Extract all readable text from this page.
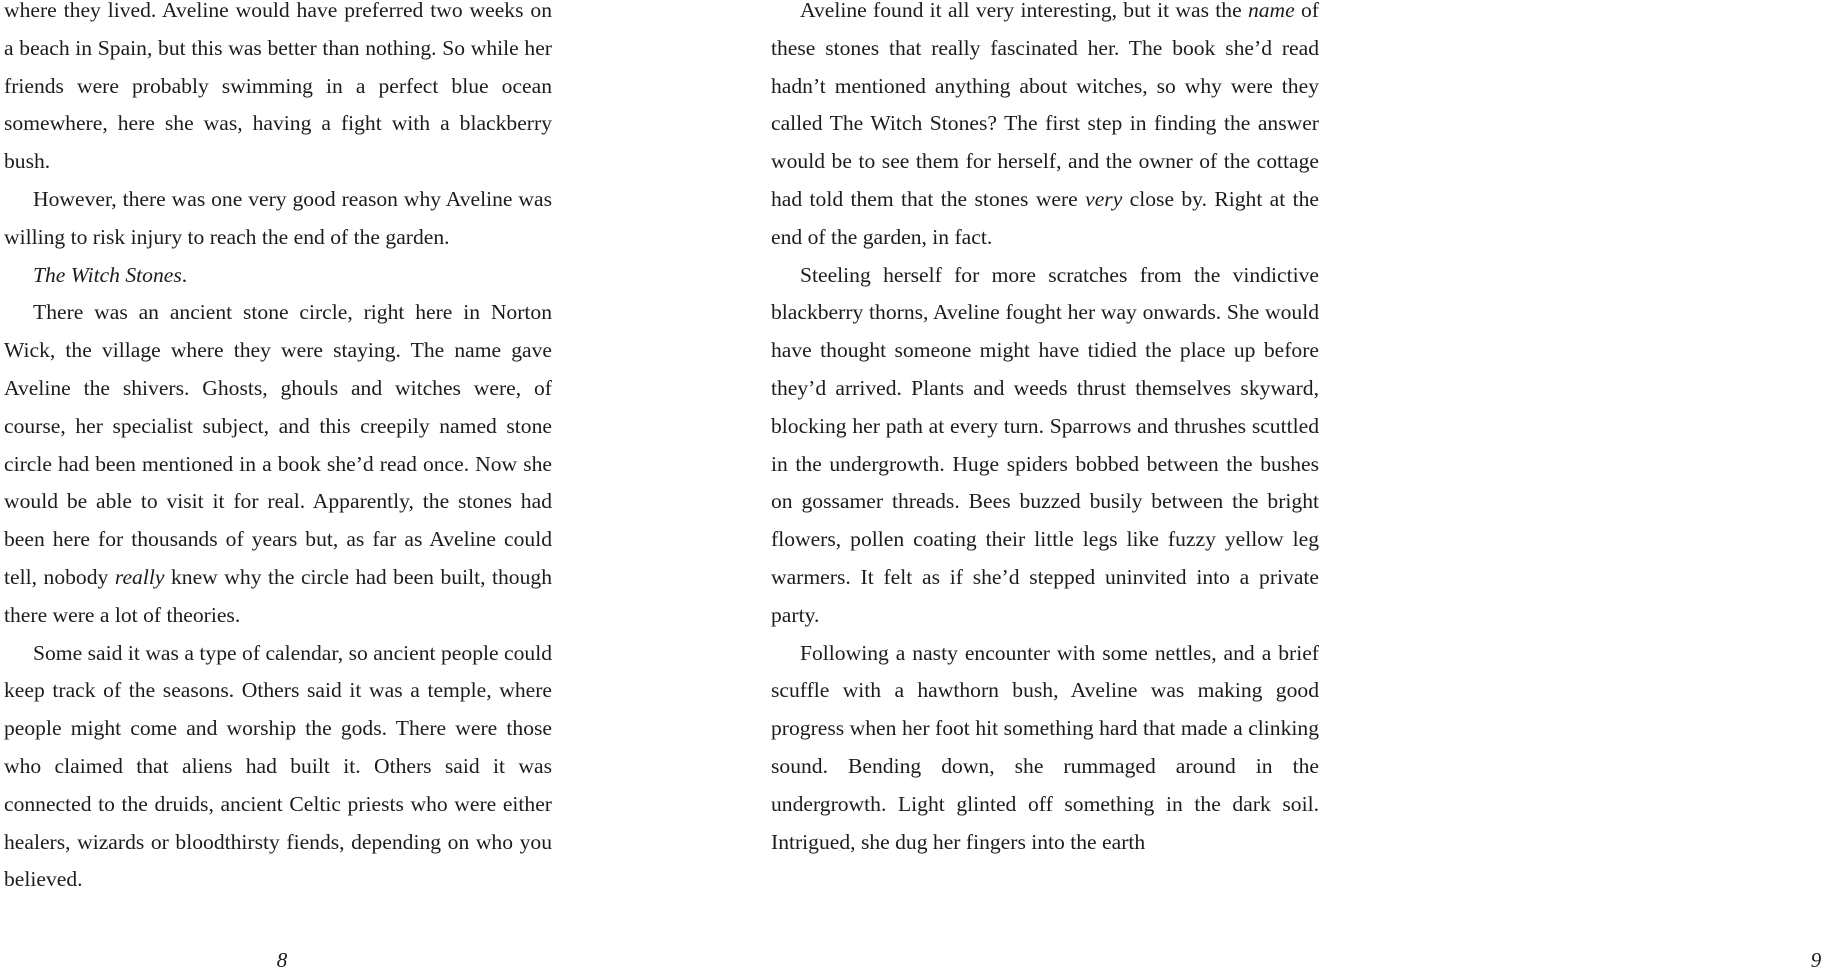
where they lived. Aveline would have preferred two weeks on a beach in Spain, but this was better than nothing. So while her friends were probably swimming in a perfect blue ocean somewhere, here she was, having a fight with a blackberry bush.

However, there was one very good reason why Aveline was willing to risk injury to reach the end of the garden.

The Witch Stones.

There was an ancient stone circle, right here in Norton Wick, the village where they were staying. The name gave Aveline the shivers. Ghosts, ghouls and witches were, of course, her specialist subject, and this creepily named stone circle had been mentioned in a book she’d read once. Now she would be able to visit it for real. Apparently, the stones had been here for thousands of years but, as far as Aveline could tell, nobody really knew why the circle had been built, though there were a lot of theories.

Some said it was a type of calendar, so ancient people could keep track of the seasons. Others said it was a temple, where people might come and worship the gods. There were those who claimed that aliens had built it. Others said it was connected to the druids, ancient Celtic priests who were either healers, wizards or bloodthirsty fiends, depending on who you believed.

8

Aveline found it all very interesting, but it was the name of these stones that really fascinated her. The book she’d read hadn’t mentioned anything about witches, so why were they called The Witch Stones? The first step in finding the answer would be to see them for herself, and the owner of the cottage had told them that the stones were very close by. Right at the end of the garden, in fact.

Steeling herself for more scratches from the vindictive blackberry thorns, Aveline fought her way onwards. She would have thought someone might have tidied the place up before they’d arrived. Plants and weeds thrust themselves skyward, blocking her path at every turn. Sparrows and thrushes scuttled in the undergrowth. Huge spiders bobbed between the bushes on gossamer threads. Bees buzzed busily between the bright flowers, pollen coating their little legs like fuzzy yellow leg warmers. It felt as if she’d stepped uninvited into a private party.

Following a nasty encounter with some nettles, and a brief scuffle with a hawthorn bush, Aveline was making good progress when her foot hit something hard that made a clinking sound. Bending down, she rummaged around in the undergrowth. Light glinted off something in the dark soil. Intrigued, she dug her fingers into the earth

9
